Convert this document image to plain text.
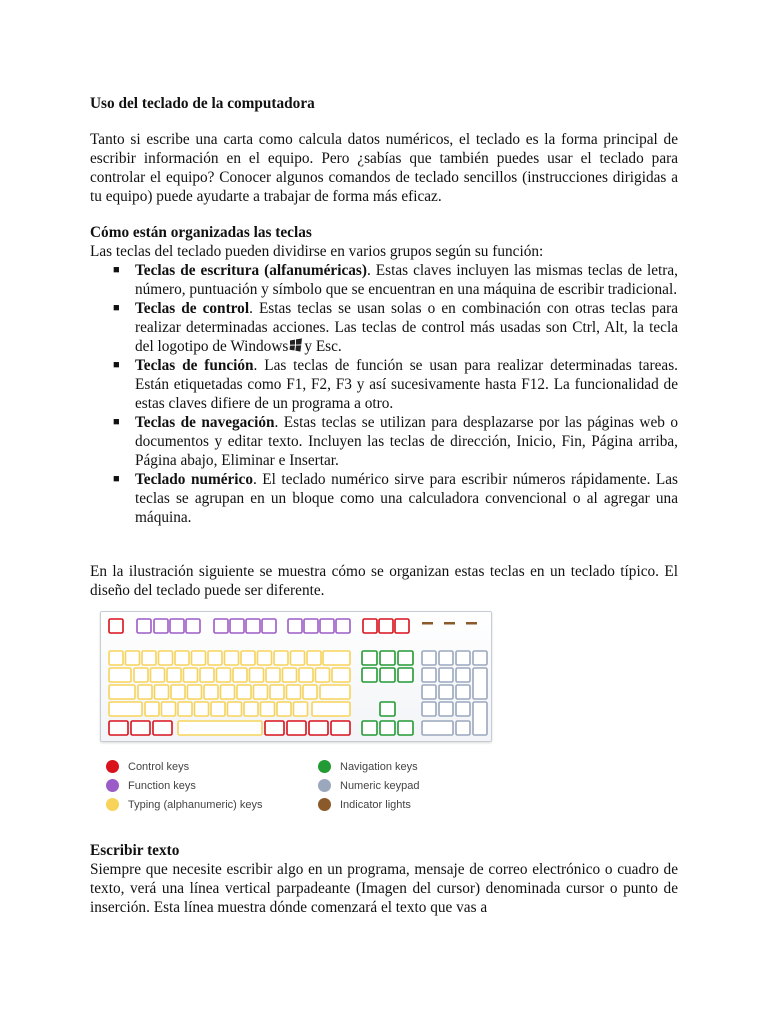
Uso del teclado de la computadora
Tanto si escribe una carta como calcula datos numéricos, el teclado es la forma principal de escribir información en el equipo. Pero ¿sabías que también puedes usar el teclado para controlar el equipo? Conocer algunos comandos de teclado sencillos (instrucciones dirigidas a tu equipo) puede ayudarte a trabajar de forma más eficaz.
Cómo están organizadas las teclas
Las teclas del teclado pueden dividirse en varios grupos según su función:
■ Teclas de escritura (alfanuméricas). Estas claves incluyen las mismas teclas de letra, número, puntuación y símbolo que se encuentran en una máquina de escribir tradicional.
■ Teclas de control. Estas teclas se usan solas o en combinación con otras teclas para realizar determinadas acciones. Las teclas de control más usadas son Ctrl, Alt, la tecla del logotipo de Windows y Esc.
■ Teclas de función. Las teclas de función se usan para realizar determinadas tareas. Están etiquetadas como F1, F2, F3 y así sucesivamente hasta F12. La funcionalidad de estas claves difiere de un programa a otro.
■ Teclas de navegación. Estas teclas se utilizan para desplazarse por las páginas web o documentos y editar texto. Incluyen las teclas de dirección, Inicio, Fin, Página arriba, Página abajo, Eliminar e Insertar.
■ Teclado numérico. El teclado numérico sirve para escribir números rápidamente. Las teclas se agrupan en un bloque como una calculadora convencional o al agregar una máquina.
En la ilustración siguiente se muestra cómo se organizan estas teclas en un teclado típico. El diseño del teclado puede ser diferente.
Escribir texto
Siempre que necesite escribir algo en un programa, mensaje de correo electrónico o cuadro de texto, verá una línea vertical parpadeante (Imagen del cursor) denominada cursor o punto de inserción. Esta línea muestra dónde comenzará el texto que vas a
Control keys
Function keys
Typing (alphanumeric) keys
Navigation keys
Numeric keypad
Indicator lights
